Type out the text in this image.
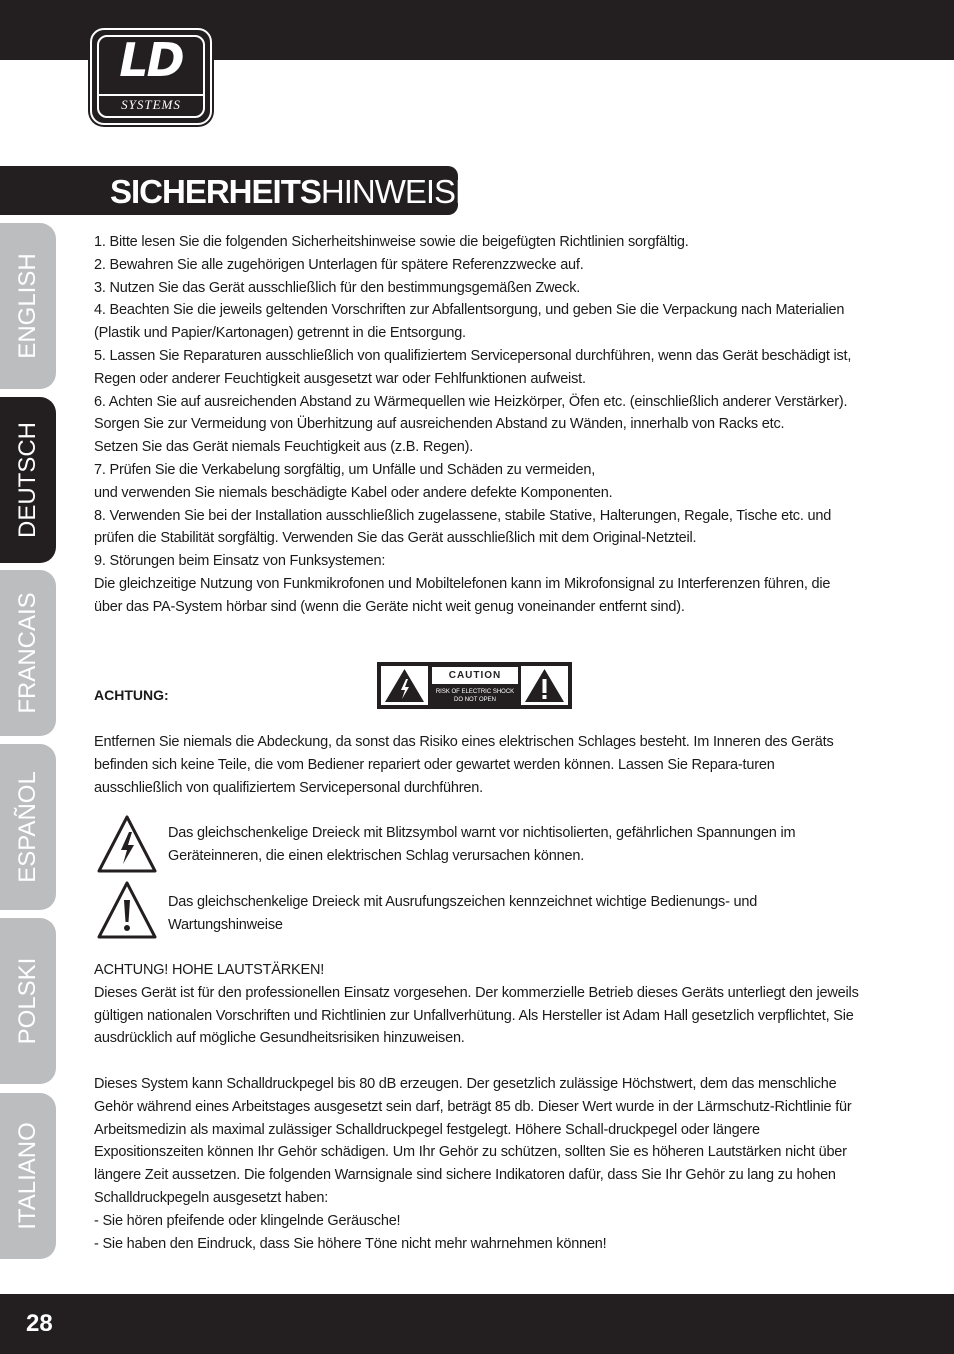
LD
SYSTEMS
SICHERHEITSHINWEISE:
ENGLISH
DEUTSCH
FRANCAIS
ESPAÑOL
POLSKI
ITALIANO

1. Bitte lesen Sie die folgenden Sicherheitshinweise sowie die beigefügten Richtlinien sorgfältig.

2. Bewahren Sie alle zugehörigen Unterlagen für spätere Referenzzwecke auf.

3. Nutzen Sie das Gerät ausschließlich für den bestimmungsgemäßen Zweck.

4. Beachten Sie die jeweils geltenden Vorschriften zur Abfallentsorgung, und geben Sie die Verpackung nach Materialien (Plastik und Papier/Kartonagen) getrennt in die Entsorgung.

5. Lassen Sie Reparaturen ausschließlich von qualifiziertem Servicepersonal durchführen, wenn das Gerät beschädigt ist, Regen oder anderer Feuchtigkeit ausgesetzt war oder Fehlfunktionen aufweist.

6. Achten Sie auf ausreichenden Abstand zu Wärmequellen wie Heizkörper, Öfen etc. (einschließlich anderer Verstärker). Sorgen Sie zur Vermeidung von Überhitzung auf ausreichenden Abstand zu Wänden, innerhalb von Racks etc.

Setzen Sie das Gerät niemals Feuchtigkeit aus (z.B. Regen).

7. Prüfen Sie die Verkabelung sorgfältig, um Unfälle und Schäden zu vermeiden,

und verwenden Sie niemals beschädigte Kabel oder andere defekte Komponenten.

8. Verwenden Sie bei der Installation ausschließlich zugelassene, stabile Stative, Halterungen, Regale, Tische etc. und prüfen die Stabilität sorgfältig. Verwenden Sie das Gerät ausschließlich mit dem Original-Netzteil.

9. Störungen beim Einsatz von Funksystemen:

Die gleichzeitige Nutzung von Funkmikrofonen und Mobiltelefonen kann im Mikrofonsignal zu Interferenzen führen, die über das PA-System hörbar sind (wenn die Geräte nicht weit genug voneinander entfernt sind).

ACHTUNG:
CAUTION
RISK OF ELECTRIC SHOCK
DO NOT OPEN

Entfernen Sie niemals die Abdeckung, da sonst das Risiko eines elektrischen Schlages besteht. Im Inneren des Geräts befinden sich keine Teile, die vom Bediener repariert oder gewartet werden können. Lassen Sie Repara-turen ausschließlich von qualifiziertem Servicepersonal durchführen.

Das gleichschenkelige Dreieck mit Blitzsymbol warnt vor nichtisolierten, gefährlichen Spannungen im Geräteinneren, die einen elektrischen Schlag verursachen können.
Das gleichschenkelige Dreieck mit Ausrufungszeichen kennzeichnet wichtige Bedienungs- und Wartungshinweise

ACHTUNG! HOHE LAUTSTÄRKEN!

Dieses Gerät ist für den professionellen Einsatz vorgesehen. Der kommerzielle Betrieb dieses Geräts unterliegt den jeweils gültigen nationalen Vorschriften und Richtlinien zur Unfallverhütung. Als Hersteller ist Adam Hall gesetzlich verpflichtet, Sie ausdrücklich auf mögliche Gesundheitsrisiken hinzuweisen.

Dieses System kann Schalldruckpegel bis 80 dB erzeugen. Der gesetzlich zulässige Höchstwert, dem das menschliche Gehör während eines Arbeitstages ausgesetzt sein darf, beträgt 85 db. Dieser Wert wurde in der Lärmschutz-Richtlinie für Arbeitsmedizin als maximal zulässiger Schalldruckpegel festgelegt. Höhere Schall-druckpegel oder längere Expositionszeiten können Ihr Gehör schädigen. Um Ihr Gehör zu schützen, sollten Sie es höheren Lautstärken nicht über längere Zeit aussetzen. Die folgenden Warnsignale sind sichere Indikatoren dafür, dass Sie Ihr Gehör zu lang zu hohen Schalldruckpegeln ausgesetzt haben:

- Sie hören pfeifende oder klingelnde Geräusche!

- Sie haben den Eindruck, dass Sie höhere Töne nicht mehr wahrnehmen können!

28
